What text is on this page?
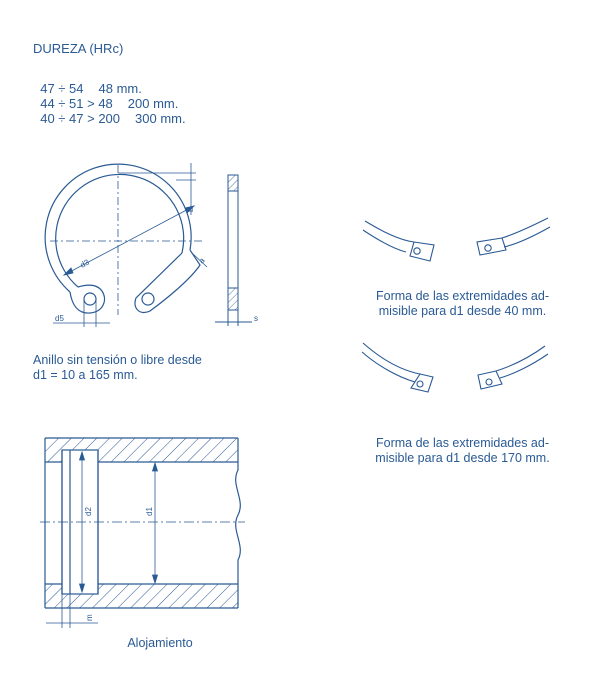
DUREZA (HRc)

47 ÷ 54 48 mm.

44 ÷ 51 > 48 200 mm.

40 ÷ 47 > 200 300 mm.

d3
b
a
d5	s
d2	d1
m
Anillo sin tensión o libre desde
d1 = 10 a 165 mm.
Forma de las extremidades ad-
misible para d1 desde 40 mm.
Forma de las extremidades ad-
misible para d1 desde 170 mm.
Alojamiento
